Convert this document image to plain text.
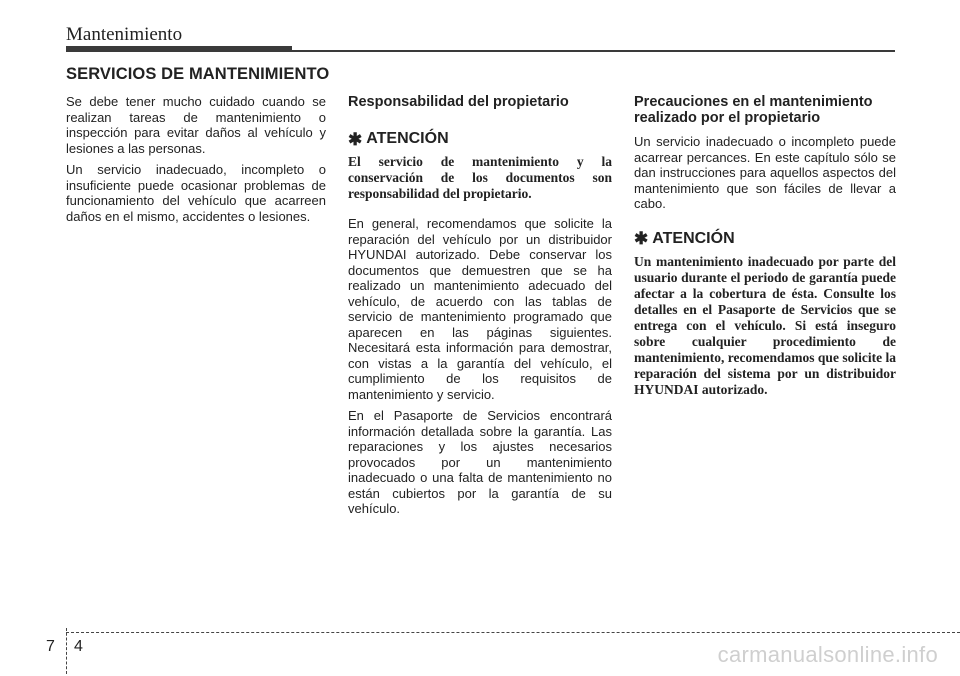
Mantenimiento
SERVICIOS DE MANTENIMIENTO

Se debe tener mucho cuidado cuando se realizan tareas de mantenimiento o inspección para evitar daños al vehículo y lesiones a las personas.

Un servicio inadecuado, incompleto o insuficiente puede ocasionar problemas de funcionamiento del vehículo que acarreen daños en el mismo, accidentes o lesiones.

Responsabilidad del propietario
✱ ATENCIÓN

El servicio de mantenimiento y la conservación de los documentos son responsabilidad del propietario.

En general, recomendamos que solicite la reparación del vehículo por un distribuidor HYUNDAI autorizado. Debe conservar los documentos que demuestren que se ha realizado un mantenimiento adecuado del vehículo, de acuerdo con las tablas de servicio de mantenimiento programado que aparecen en las páginas siguientes. Necesitará esta información para demostrar, con vistas a la garantía del vehículo, el cumplimiento de los requisitos de mantenimiento y servicio.

En el Pasaporte de Servicios encontrará información detallada sobre la garantía. Las reparaciones y los ajustes necesarios provocados por un mantenimiento inadecuado o una falta de mantenimiento no están cubiertos por la garantía de su vehículo.

Precauciones en el mantenimiento realizado por el propietario

Un servicio inadecuado o incompleto puede acarrear percances. En este capítulo sólo se dan instrucciones para aquellos aspectos del mantenimiento que son fáciles de llevar a cabo.

✱ ATENCIÓN

Un mantenimiento inadecuado por parte del usuario durante el periodo de garantía puede afectar a la cobertura de ésta. Consulte los detalles en el Pasaporte de Servicios que se entrega con el vehículo. Si está inseguro sobre cualquier procedimiento de mantenimiento, recomendamos que solicite la reparación del sistema por un distribuidor HYUNDAI autorizado.

7 4	carmanualsonline.info
